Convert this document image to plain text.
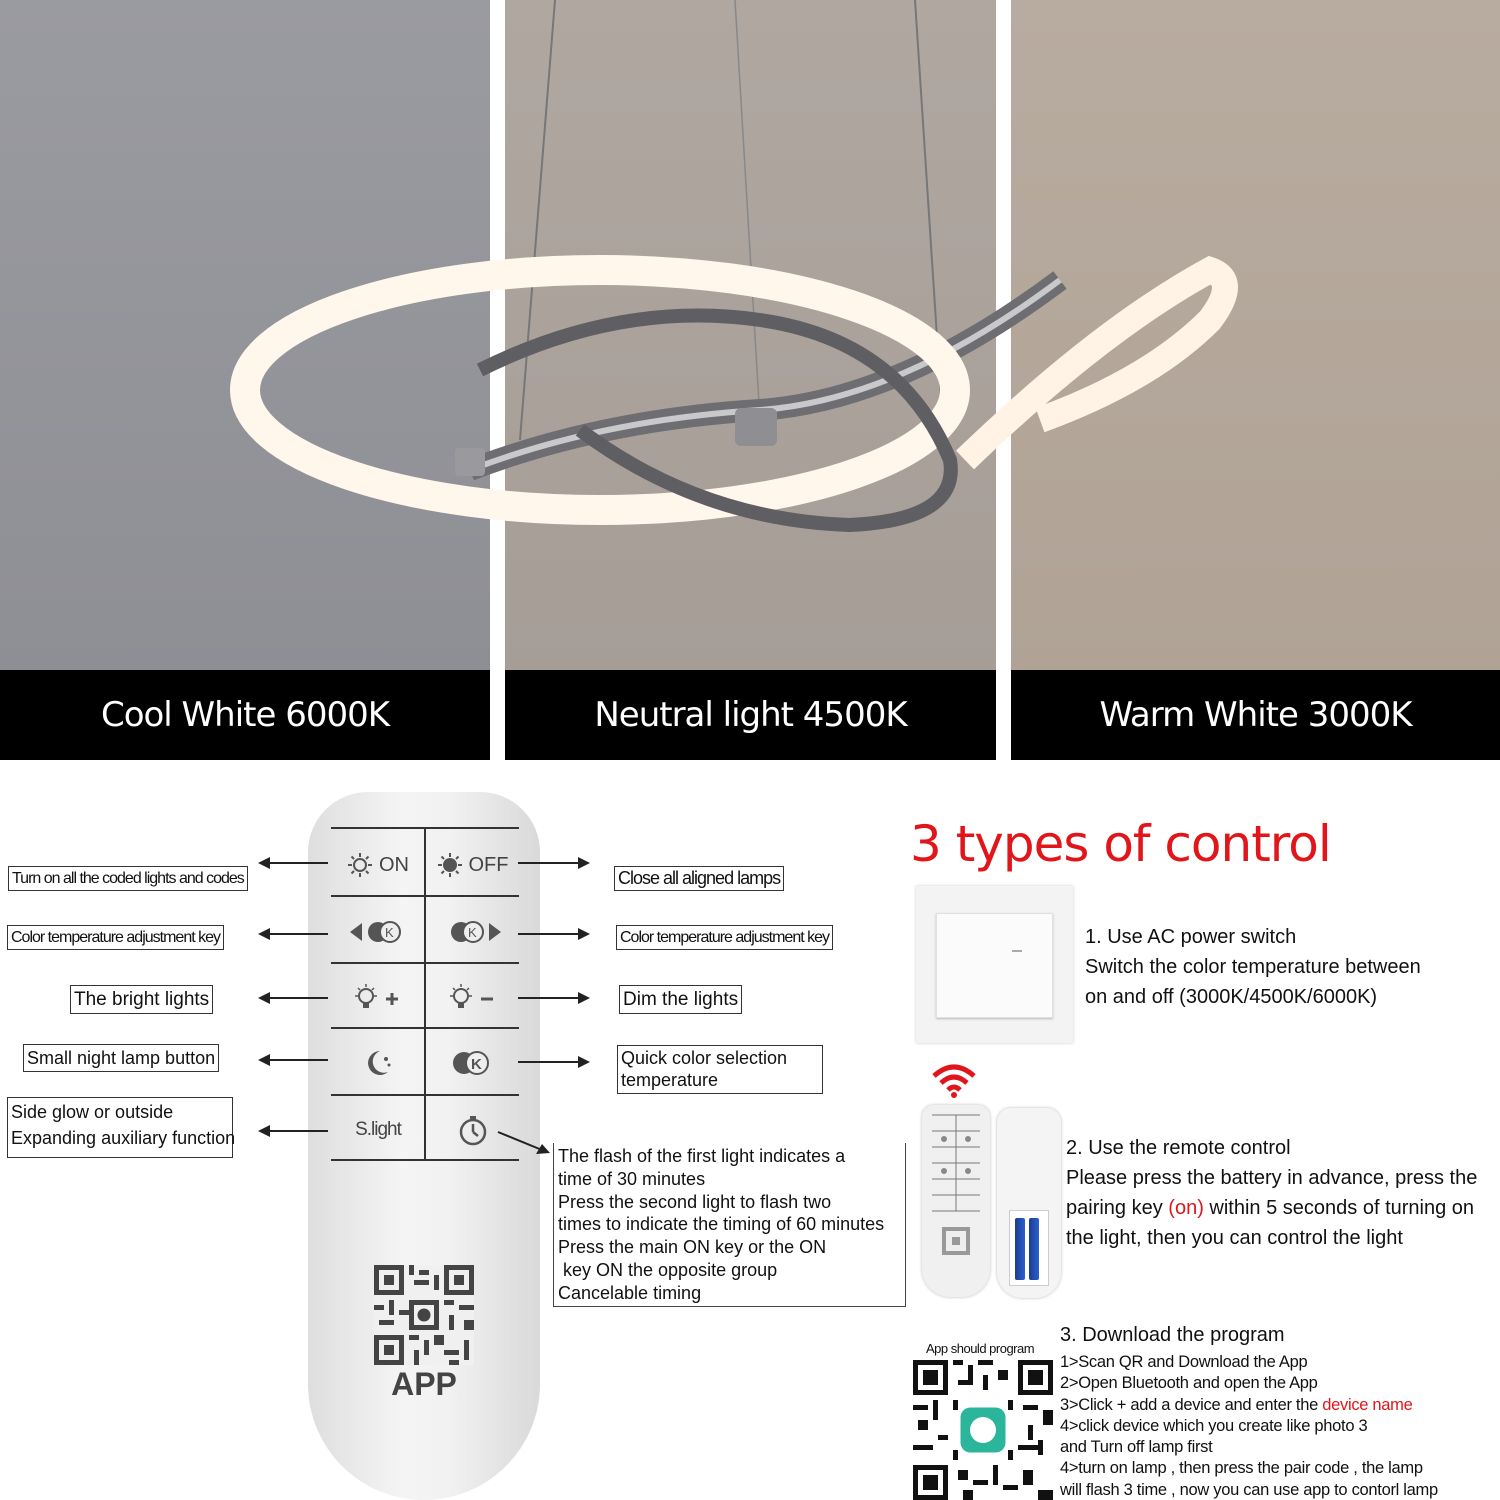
Cool White 6000K	Neutral light 4500K	Warm White 3000K
ON	OFF
K	K
K
S.light
APP
Turn on all the coded lights and codes
Color temperature adjustment key
The bright lights
Small night lamp button
Side glow or outside
Expanding auxiliary function
Close all aligned lamps
Color temperature adjustment key
Dim the lights
Quick color selection
temperature
The flash of the first light indicates a
time of 30 minutes
Press the second light to flash two
times to indicate the timing of 60 minutes
Press the main ON key or the ON
key ON the opposite group
Cancelable timing
3 types of control
1. Use AC power switch
Switch the color temperature between
on and off (3000K/4500K/6000K)
2. Use the remote control
Please press the battery in advance, press the
pairing key (on) within 5 seconds of turning on
the light, then you can control the light
App should program
3. Download the program
1>Scan QR and Download the App
2>Open Bluetooth and open the App
3>Click + add a device and enter the device name
4>click device which you create like photo 3
and Turn off lamp first
4>turn on lamp , then press the pair code , the lamp
will flash 3 time , now you can use app to contorl lamp
